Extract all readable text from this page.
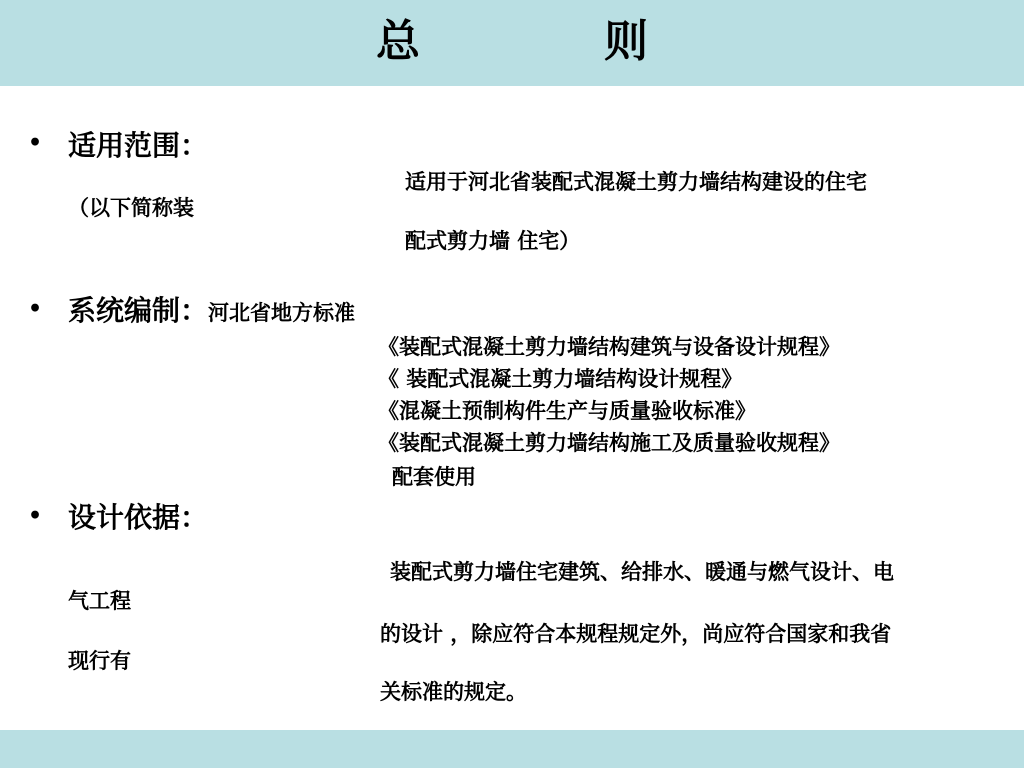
总	则
• 适用范围：
适用于河北省装配式混凝土剪力墙结构建设的住宅
（以下简称装
配式剪力墙 住宅）
• 系统编制：河北省地方标准
《装配式混凝土剪力墙结构建筑与设备设计规程》
《 装配式混凝土剪力墙结构设计规程》
《混凝土预制构件生产与质量验收标准》
《装配式混凝土剪力墙结构施工及质量验收规程》
配套使用
• 设计依据：
装配式剪力墙住宅建筑、给排水、暖通与燃气设计、电
气工程
的设计 ，除应符合本规程规定外，尚应符合国家和我省
现行有
关标准的规定。
